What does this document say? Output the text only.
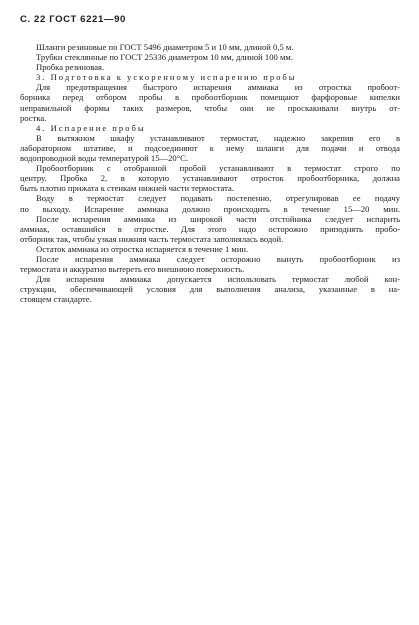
С. 22 ГОСТ 6221—90
Шланги резиновые по ГОСТ 5496 диаметром 5 и 10 мм, длиной 0,5 м.
Трубки стеклянные по ГОСТ 25336 диаметром 10 мм, длиной 100 мм.
Пробка резиновая.
3. Подготовка к ускоренному испарению пробы
Для предотвращения быстрого испарения аммиака из отростка пробоот-
борника перед отбором пробы в пробоотборник помещают фарфоровые кипелки
неправильной формы таких размеров, чтобы они не проскакивали внутрь от-
ростка.
4. Испарение пробы
В вытяжном шкафу устанавливают термостат, надежно закрепив его в
лабораторном штативе, и подсоединяют к нему шланги для подачи и отвода
водопроводной воды температурой 15—20°С.
Пробоотборник с отобранной пробой устанавливают в термостат строго по
центру. Пробка 2, в которую устанавливают отросток пробоотборника, должна
быть плотно прижата к стенкам нижней части термостата.
Воду в термостат следует подавать постепенно, отрегулировав ее подачу
по выходу. Испарение аммиака должно происходить в течение 15—20 мин.
После испарения аммиака из широкой части отстойника следует испарить
аммиак, оставшийся в отростке. Для этого надо осторожно приподнять пробо-
отборник так, чтобы узкая нижняя часть термостата заполнялась водой.
Остаток аммиака из отростка испаряется в течение 1 мин.
После испарения аммиака следует осторожно вынуть пробоотборник из
термостата и аккуратно вытереть его внешнюю поверхность.
Для испарения аммиака допускается использовать термостат любой кон-
струкции, обеспечивающей условия для выполнения анализа, указанные в на-
стоящем стандарте.
